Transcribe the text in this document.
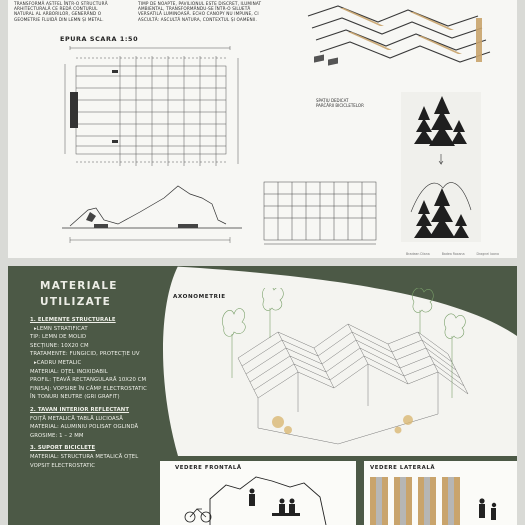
TRANSFORMĂ ASTFEL ÎNTR-O STRUCTURĂ
ARHITECTURALĂ CE REDĂ CONTURUL
NATURAL AL ARBORILOR, GENERÂND O
GEOMETRIE FLUIDĂ DIN LEMN ȘI METAL.
TIMP DE NOAPTE, PAVILIONUL ESTE DISCRET, ILUMINAT
AMBIENTAL, TRANSFORMÂNDU-SE ÎNTR-O SILUETĂ
VERSATILĂ LUMINOASĂ. ECHO CANOPY NU IMPUNE, CI
ASCULTĂ: ASCULTĂ NATURA, CONTEXTUL ȘI OAMENII.
EPURA SCARA 1:50
SPAȚIU DEDICAT
PARCĂRII BICICLETELOR
Bradean Diana	Badea Roxana	Dragnei Ioana
MATERIALE
UTILIZATE
1. ELEMENTE STRUCTURALE
▸ LEMN STRATIFICAT
TIP: LEMN DE MOLID
SECȚIUNE: 10X20 CM
TRATAMENTE: FUNGICID, PROTECȚIE UV
▸ CADRU METALIC
MATERIAL: OȚEL INOXIDABIL
PROFIL: ȚEAVĂ RECTANGULARĂ 10X20 CM
FINISAJ: VOPSIRE ÎN CÂMP ELECTROSTATIC
ÎN TONURI NEUTRE (GRI GRAFIT)
2. TAVAN INTERIOR REFLECTANT
FOIȚĂ METALICĂ TABLĂ LUCIOASĂ
MATERIAL: ALUMINIU POLISAT OGLINDĂ
GROSIME: 1 – 2 MM
3. SUPORT BICICLETE
MATERIAL: STRUCTURA METALICĂ OȚEL
VOPSIT ELECTROSTATIC
AXONOMETRIE
VEDERE FRONTALĂ	VEDERE LATERALĂ
